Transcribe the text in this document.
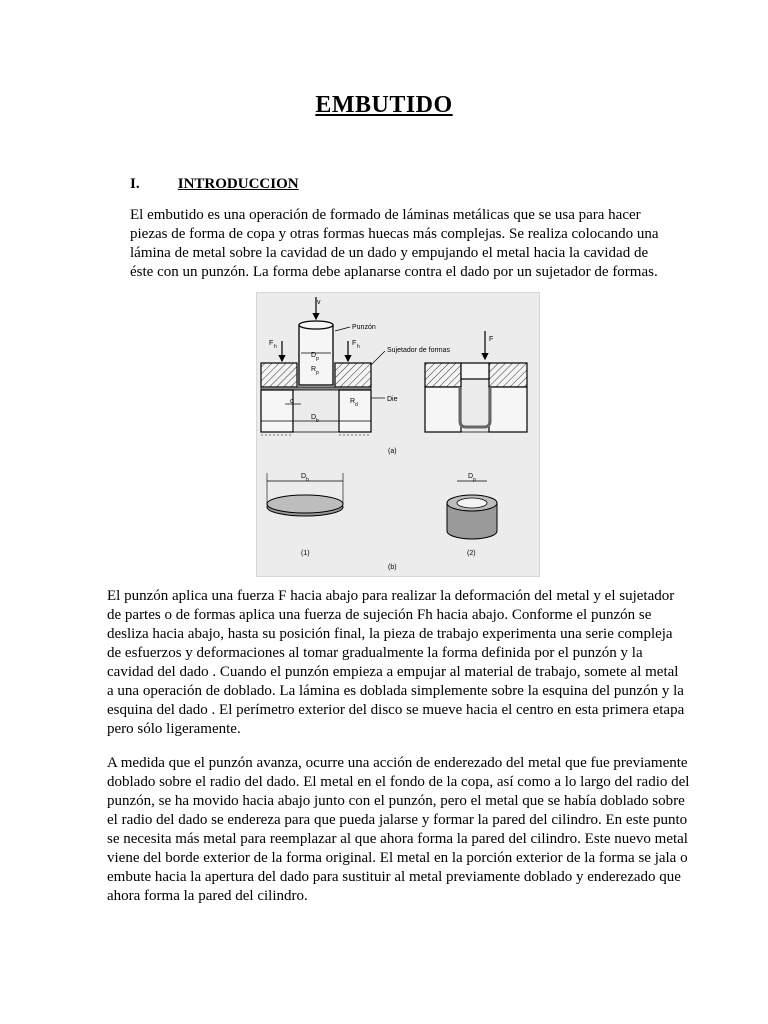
EMBUTIDO
I.	INTRODUCCION

El embutido es una operación de formado de láminas metálicas que se usa para hacer piezas de forma de copa y otras formas huecas más complejas. Se realiza colocando una lámina de metal sobre la cavidad de un dado y empujando el metal hacia la cavidad de éste con un punzón. La forma debe aplanarse contra el dado por un sujetador de formas.

v
Punzón
F h	F h
D p
R p
Sujetador de formas
F
c	R d
Die
D b
(a)
D b	D p
(1)	(2)
(b)

El punzón aplica una fuerza F hacia abajo para realizar la deformación del metal y el sujetador de partes o de formas aplica una fuerza de sujeción Fh hacia abajo. Conforme el punzón se desliza hacia abajo, hasta su posición final, la pieza de trabajo experimenta una serie compleja de esfuerzos y deformaciones al tomar gradualmente la forma definida por el punzón y la cavidad del dado . Cuando el punzón empieza a empujar al material de trabajo, somete al metal a una operación de doblado. La lámina es doblada simplemente sobre la esquina del punzón y la esquina del dado . El perímetro exterior del disco se mueve hacia el centro en esta primera etapa pero sólo ligeramente.

A medida que el punzón avanza, ocurre una acción de enderezado del metal que fue previamente doblado sobre el radio del dado. El metal en el fondo de la copa, así como a lo largo del radio del punzón, se ha movido hacia abajo junto con el punzón, pero el metal que se había doblado sobre el radio del dado se endereza para que pueda jalarse y formar la pared del cilindro. En este punto se necesita más metal para reemplazar al que ahora forma la pared del cilindro. Este nuevo metal viene del borde exterior de la forma original. El metal en la porción exterior de la forma se jala o embute hacia la apertura del dado para sustituir al metal previamente doblado y enderezado que ahora forma la pared del cilindro.
